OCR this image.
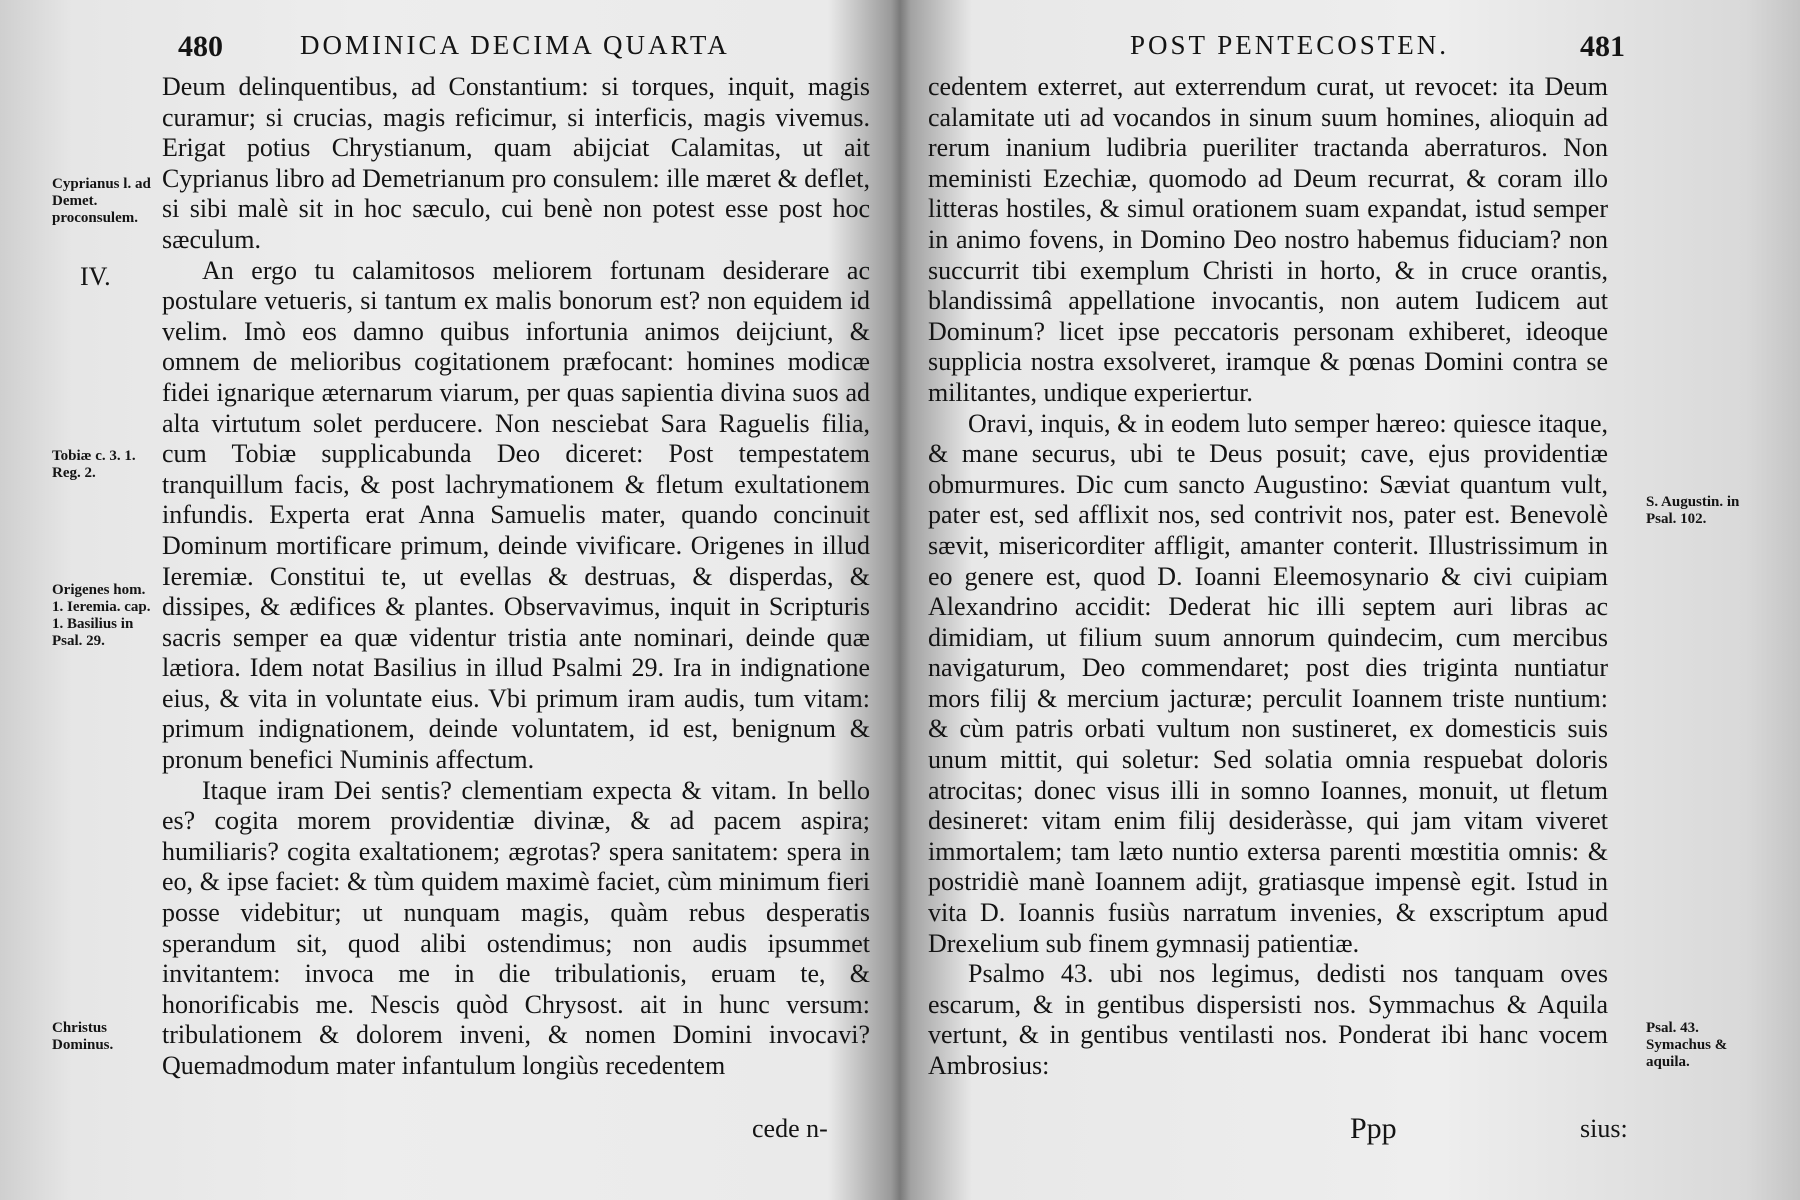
480	DOMINICA DECIMA QUARTA
Cyprianus l. ad Demet. proconsulem.
IV.
Tobiæ c. 3. 1. Reg. 2.
Origenes hom. 1. Ieremia. cap. 1. Basilius in Psal. 29.
Christus Dominus.

Deum delinquentibus, ad Constantium: si torques, inquit, magis curamur; si crucias, magis reficimur, si interficis, magis vivemus. Erigat potius Chrystianum, quam abijciat Calamitas, ut ait Cyprianus libro ad Demetrianum pro consulem: ille mæret & deflet, si sibi malè sit in hoc sæculo, cui benè non potest esse post hoc sæculum.

An ergo tu calamitosos meliorem fortunam desiderare ac postulare vetueris, si tantum ex malis bonorum est? non equidem id velim. Imò eos damno quibus infortunia animos deijciunt, & omnem de melioribus cogitationem præfocant: homines modicæ fidei ignarique æternarum viarum, per quas sapientia divina suos ad alta virtutum solet perducere. Non nesciebat Sara Raguelis filia, cum Tobiæ supplicabunda Deo diceret: Post tempestatem tranquillum facis, & post lachrymationem & fletum exultationem infundis. Experta erat Anna Samuelis mater, quando concinuit Dominum mortificare primum, deinde vivificare. Origenes in illud Ieremiæ. Constitui te, ut evellas & destruas, & disperdas, & dissipes, & ædifices & plantes. Observavimus, inquit in Scripturis sacris semper ea quæ videntur tristia ante nominari, deinde quæ lætiora. Idem notat Basilius in illud Psalmi 29. Ira in indignatione eius, & vita in voluntate eius. Vbi primum iram audis, tum vitam: primum indignationem, deinde voluntatem, id est, benignum & pronum benefici Numinis affectum.

Itaque iram Dei sentis? clementiam expecta & vitam. In bello es? cogita morem providentiæ divinæ, & ad pacem aspira; humiliaris? cogita exaltationem; ægrotas? spera sanitatem: spera in eo, & ipse faciet: & tùm quidem maximè faciet, cùm minimum fieri posse videbitur; ut nunquam magis, quàm rebus desperatis sperandum sit, quod alibi ostendimus; non audis ipsummet invitantem: invoca me in die tribulationis, eruam te, & honorificabis me. Nescis quòd Chrysost. ait in hunc versum: tribulationem & dolorem inveni, & nomen Domini invocavi? Quemadmodum mater infantulum longiùs recedentem

cede n-
POST PENTECOSTEN.	481

cedentem exterret, aut exterrendum curat, ut revocet: ita Deum calamitate uti ad vocandos in sinum suum homines, alioquin ad rerum inanium ludibria pueriliter tractanda aberraturos. Non meministi Ezechiæ, quomodo ad Deum recurrat, & coram illo litteras hostiles, & simul orationem suam expandat, istud semper in animo fovens, in Domino Deo nostro habemus fiduciam? non succurrit tibi exemplum Christi in horto, & in cruce orantis, blandissimâ appellatione invocantis, non autem Iudicem aut Dominum? licet ipse peccatoris personam exhiberet, ideoque supplicia nostra exsolveret, iramque & pœnas Domini contra se militantes, undique experiertur.

Oravi, inquis, & in eodem luto semper hæreo: quiesce itaque, & mane securus, ubi te Deus posuit; cave, ejus providentiæ obmurmures. Dic cum sancto Augustino: Sæviat quantum vult, pater est, sed afflixit nos, sed contrivit nos, pater est. Benevolè sævit, misericorditer affligit, amanter conterit. Illustrissimum in eo genere est, quod D. Ioanni Eleemosynario & civi cuipiam Alexandrino accidit: Dederat hic illi septem auri libras ac dimidiam, ut filium suum annorum quindecim, cum mercibus navigaturum, Deo commendaret; post dies triginta nuntiatur mors filij & mercium jacturæ; perculit Ioannem triste nuntium: & cùm patris orbati vultum non sustineret, ex domesticis suis unum mittit, qui soletur: Sed solatia omnia respuebat doloris atrocitas; donec visus illi in somno Ioannes, monuit, ut fletum desineret: vitam enim filij desideràsse, qui jam vitam viveret immortalem; tam læto nuntio extersa parenti mœstitia omnis: & postridiè manè Ioannem adijt, gratiasque impensè egit. Istud in vita D. Ioannis fusiùs narratum invenies, & exscriptum apud Drexelium sub finem gymnasij patientiæ.

Psalmo 43. ubi nos legimus, dedisti nos tanquam oves escarum, & in gentibus dispersisti nos. Symmachus & Aquila vertunt, & in gentibus ventilasti nos. Ponderat ibi hanc vocem Ambrosius:

S. Augustin. in Psal. 102.
Psal. 43. Symachus & aquila.
Ppp	sius:
